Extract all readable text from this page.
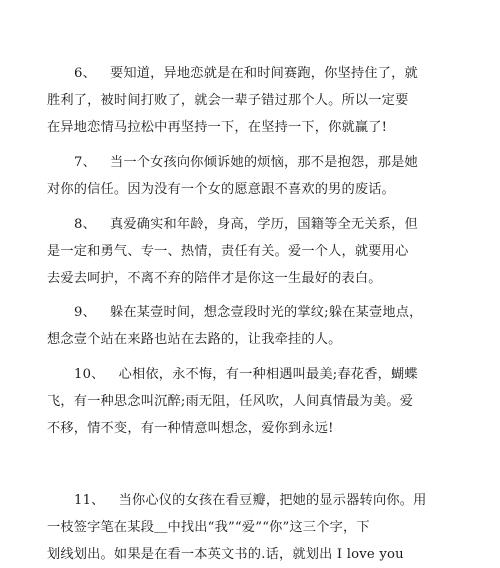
6、 要知道，异地恋就是在和时间赛跑，你坚持住了，就
胜利了，被时间打败了，就会一辈子错过那个人。所以一定要
在异地恋情马拉松中再坚持一下，在坚持一下，你就赢了!
7、 当一个女孩向你倾诉她的烦恼，那不是抱怨，那是她
对你的信任。因为没有一个女的愿意跟不喜欢的男的废话。
8、 真爱确实和年龄，身高，学历，国籍等全无关系，但
是一定和勇气、专一、热情，责任有关。爱一个人，就要用心
去爱去呵护，不离不弃的陪伴才是你这一生最好的表白。
9、 躲在某壹时间，想念壹段时光的掌纹;躲在某壹地点，
想念壹个站在来路也站在去路的，让我牵挂的人。
10、 心相依，永不悔，有一种相遇叫最美;春花香，蝴蝶
飞，有一种思念叫沉醉;雨无阻，任风吹，人间真情最为美。爱
不移，情不变，有一种情意叫想念，爱你到永远!
11、 当你心仪的女孩在看豆瓣，把她的显示器转向你。用
一枝签字笔在某段＿中找出“我”“爱”“你”这三个字，下
划线划出。如果是在看一本英文书的.话，就划出 I love you
